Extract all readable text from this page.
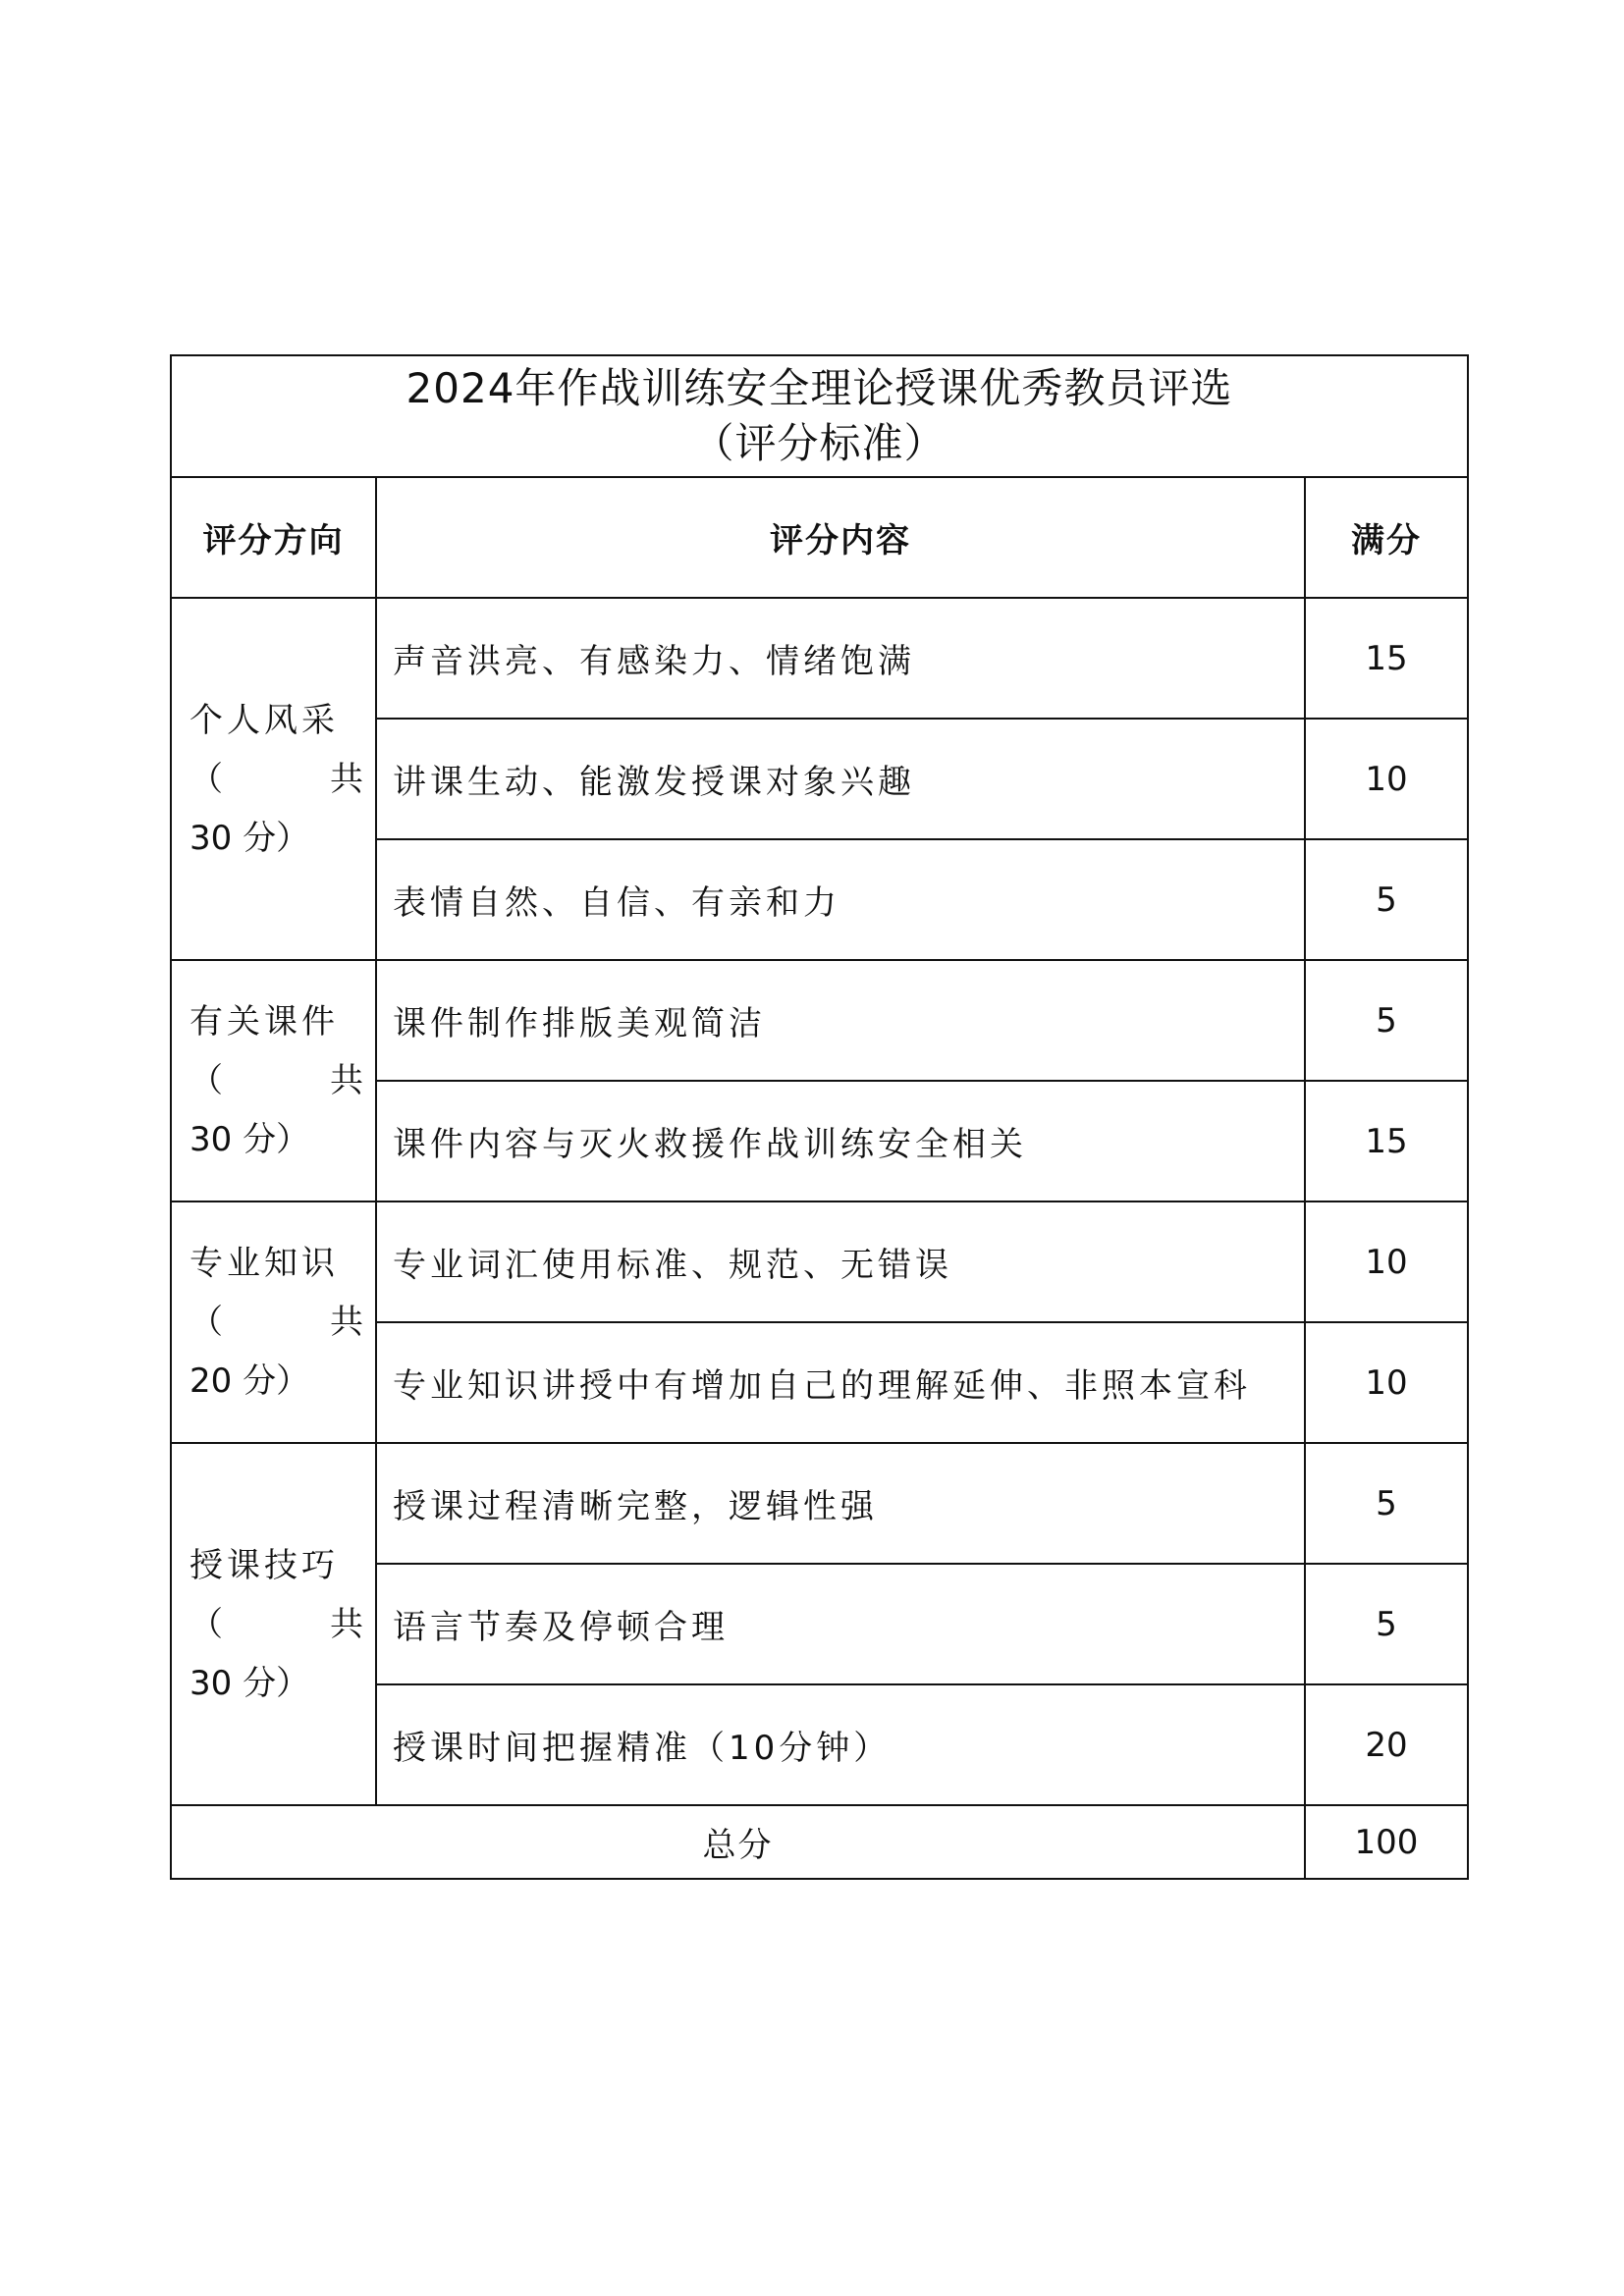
2024年作战训练安全理论授课优秀教员评选
（评分标准）		

评分方向	评分内容	满分

个人风采
（　共　30 分）	声音洪亮、有感染力、情绪饱满	15
	讲课生动、能激发授课对象兴趣	10
	表情自然、自信、有亲和力	5

有关课件
（　共　30 分）	课件制作排版美观简洁	5
	课件内容与灭火救援作战训练安全相关	15

专业知识
（　共　20 分）	专业词汇使用标准、规范、无错误	10
	专业知识讲授中有增加自己的理解延伸、非照本宣科	10

授课技巧
（　共　30 分）	授课过程清晰完整，逻辑性强	5
	语言节奏及停顿合理	5
	授课时间把握精准（10分钟）	20
总分		100
